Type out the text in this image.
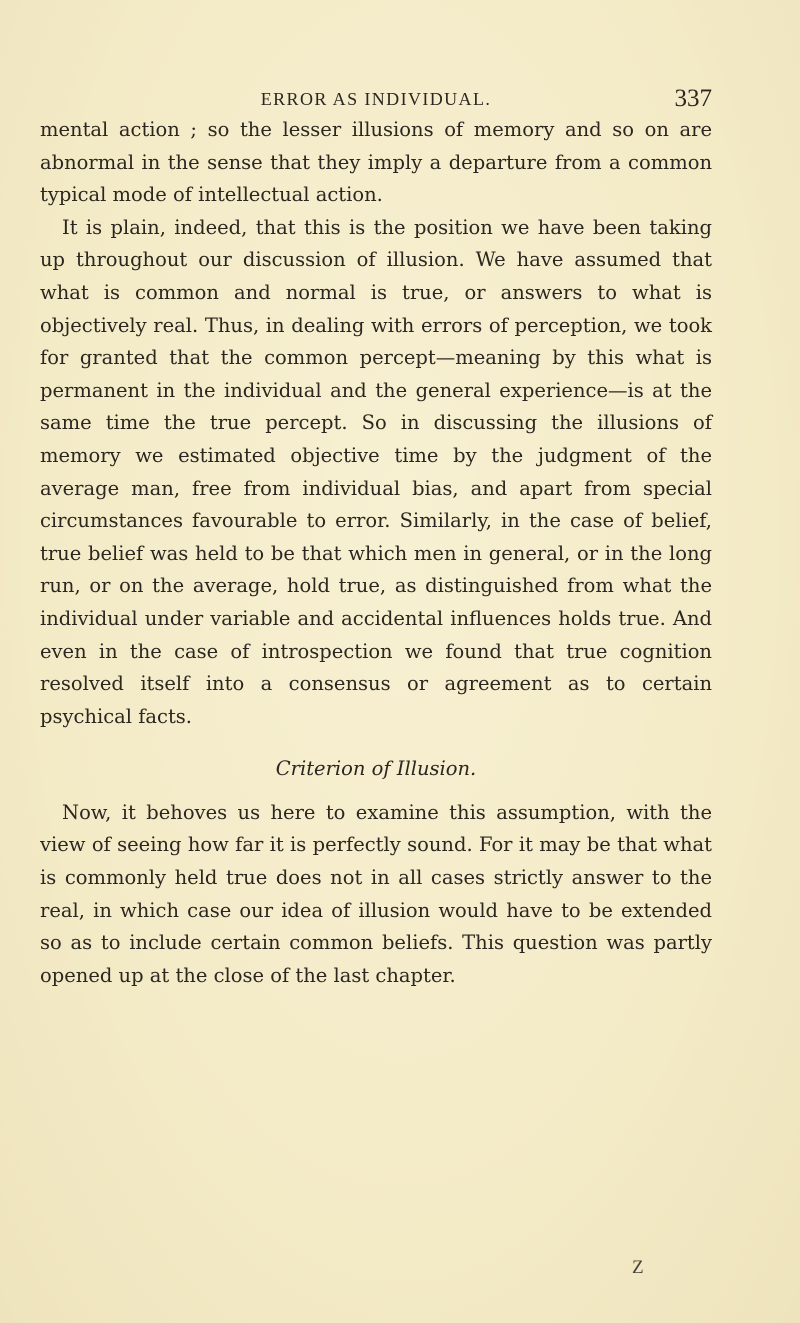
ERROR AS INDIVIDUAL.	337

mental action ; so the lesser illusions of memory and so on are abnormal in the sense that they imply a departure from a common typical mode of intellectual action.

It is plain, indeed, that this is the position we have been taking up throughout our discussion of illusion. We have assumed that what is common and normal is true, or answers to what is objectively real. Thus, in dealing with errors of perception, we took for granted that the common percept—meaning by this what is permanent in the individual and the general experience—is at the same time the true percept. So in discussing the illusions of memory we estimated objective time by the judgment of the average man, free from individual bias, and apart from special circumstances favourable to error. Similarly, in the case of belief, true belief was held to be that which men in general, or in the long run, or on the average, hold true, as distinguished from what the individual under variable and accidental influences holds true. And even in the case of introspection we found that true cognition resolved itself into a consensus or agreement as to certain psychical facts.

Criterion of Illusion.

Now, it behoves us here to examine this assumption, with the view of seeing how far it is perfectly sound. For it may be that what is commonly held true does not in all cases strictly answer to the real, in which case our idea of illusion would have to be extended so as to include certain common beliefs. This question was partly opened up at the close of the last chapter.

Z
